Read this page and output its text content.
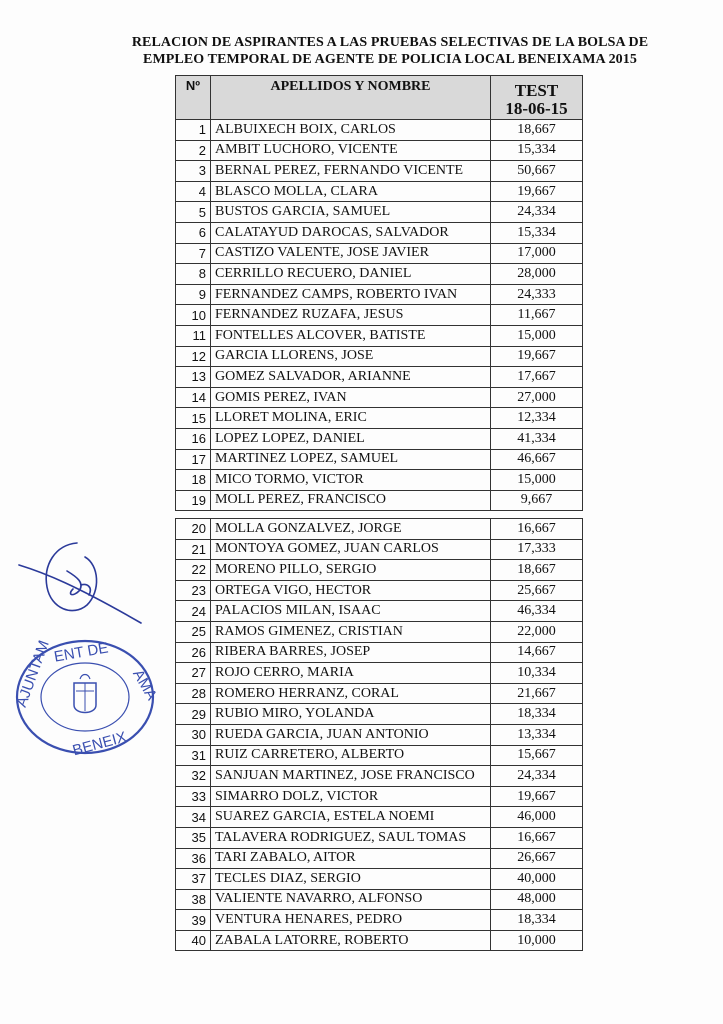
RELACION DE ASPIRANTES A LAS PRUEBAS SELECTIVAS DE LA BOLSA DE
EMPLEO TEMPORAL DE AGENTE DE POLICIA LOCAL BENEIXAMA 2015
Nº	APELLIDOS Y NOMBRE	TEST
18-06-15

1	ALBUIXECH BOIX, CARLOS	18,667
2	AMBIT LUCHORO, VICENTE	15,334
3	BERNAL PEREZ, FERNANDO VICENTE	50,667
4	BLASCO MOLLA, CLARA	19,667
5	BUSTOS GARCIA, SAMUEL	24,334
6	CALATAYUD DAROCAS, SALVADOR	15,334
7	CASTIZO VALENTE, JOSE JAVIER	17,000
8	CERRILLO RECUERO, DANIEL	28,000
9	FERNANDEZ CAMPS, ROBERTO IVAN	24,333
10	FERNANDEZ RUZAFA, JESUS	11,667
11	FONTELLES ALCOVER, BATISTE	15,000
12	GARCIA LLORENS, JOSE	19,667
13	GOMEZ SALVADOR, ARIANNE	17,667
14	GOMIS PEREZ, IVAN	27,000
15	LLORET MOLINA, ERIC	12,334
16	LOPEZ LOPEZ, DANIEL	41,334
17	MARTINEZ LOPEZ, SAMUEL	46,667
18	MICO TORMO, VICTOR	15,000
19	MOLL PEREZ, FRANCISCO	9,667
20	MOLLA GONZALVEZ, JORGE	16,667
21	MONTOYA GOMEZ, JUAN CARLOS	17,333
22	MORENO PILLO, SERGIO	18,667
23	ORTEGA VIGO, HECTOR	25,667
24	PALACIOS MILAN, ISAAC	46,334
25	RAMOS GIMENEZ, CRISTIAN	22,000
26	RIBERA BARRES, JOSEP	14,667
27	ROJO CERRO, MARIA	10,334
28	ROMERO HERRANZ, CORAL	21,667
29	RUBIO MIRO, YOLANDA	18,334
30	RUEDA GARCIA, JUAN ANTONIO	13,334
31	RUIZ CARRETERO, ALBERTO	15,667
32	SANJUAN MARTINEZ, JOSE FRANCISCO	24,334
33	SIMARRO DOLZ, VICTOR	19,667
34	SUAREZ GARCIA, ESTELA NOEMI	46,000
35	TALAVERA RODRIGUEZ, SAUL TOMAS	16,667
36	TARI ZABALO, AITOR	26,667
37	TECLES DIAZ, SERGIO	40,000
38	VALIENTE NAVARRO, ALFONSO	48,000
39	VENTURA HENARES, PEDRO	18,334
40	ZABALA LATORRE, ROBERTO	10,000
ENT DE
AJUNTAM	AMA
BENEIX
